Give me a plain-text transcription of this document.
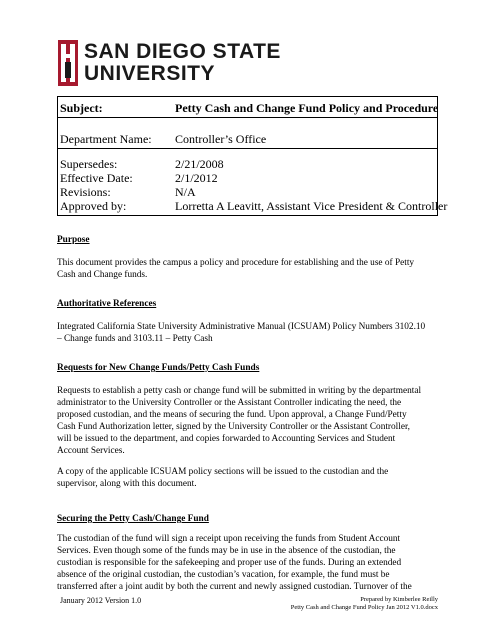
SAN DIEGO STATE
UNIVERSITY
Subject:	Petty Cash and Change Fund Policy and Procedure
Department Name: Controller’s Office
Supersedes:	2/21/2008
Effective Date:	2/1/2012
Revisions:	N/A
Approved by:	Lorretta A Leavitt, Assistant Vice President & Controller
Purpose
This document provides the campus a policy and procedure for establishing and the use of Petty
Cash and Change funds.
Authoritative References
Integrated California State University Administrative Manual (ICSUAM) Policy Numbers 3102.10
– Change funds and 3103.11 – Petty Cash
Requests for New Change Funds/Petty Cash Funds
Requests to establish a petty cash or change fund will be submitted in writing by the departmental
administrator to the University Controller or the Assistant Controller indicating the need, the
proposed custodian, and the means of securing the fund. Upon approval, a Change Fund/Petty
Cash Fund Authorization letter, signed by the University Controller or the Assistant Controller,
will be issued to the department, and copies forwarded to Accounting Services and Student
Account Services.
A copy of the applicable ICSUAM policy sections will be issued to the custodian and the
supervisor, along with this document.
Securing the Petty Cash/Change Fund
The custodian of the fund will sign a receipt upon receiving the funds from Student Account
Services. Even though some of the funds may be in use in the absence of the custodian, the
custodian is responsible for the safekeeping and proper use of the funds. During an extended
absence of the original custodian, the custodian’s vacation, for example, the fund must be
transferred after a joint audit by both the current and newly assigned custodian. Turnover of the
January 2012 Version 1.0	Prepared by Kimberlee Reilly
Petty Cash and Change Fund Policy Jan 2012 V1.0.docx
